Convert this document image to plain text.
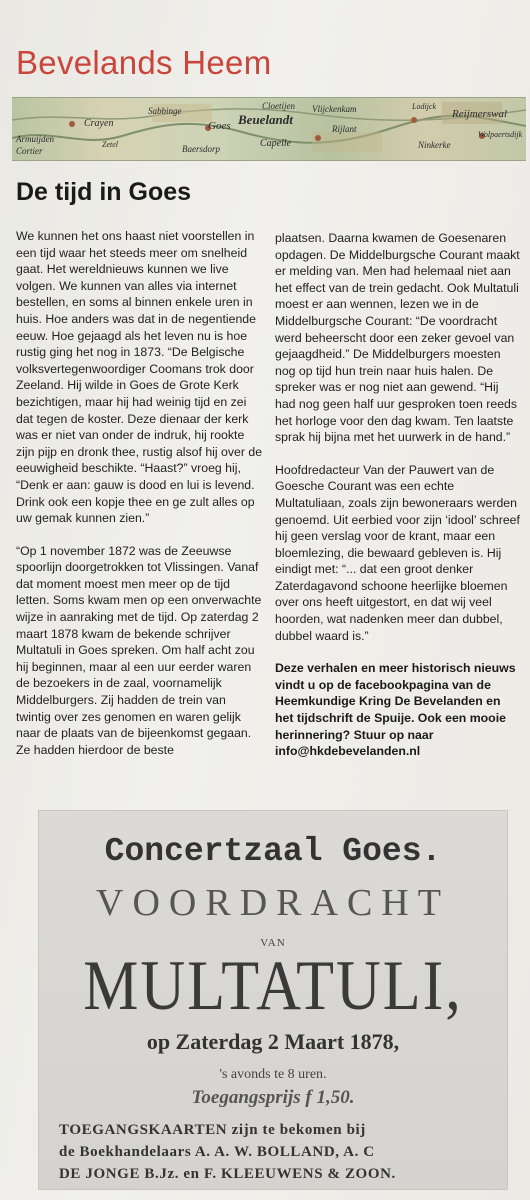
Bevelands Heem
Armuijden
Crayen
Sabbinge
Goes Beuelandt
Cloetijen Vlijckenkam
Rijlant
Reijmerswal
Lodijck
Zetel	Capelle
Cortier	Baersdorp	Ninkerke
Wolpaertsdijk
De tijd in Goes

We kunnen het ons haast niet voorstellen in een tijd waar het steeds meer om snelheid gaat. Het wereldnieuws kunnen we live volgen. We kunnen van alles via internet bestellen, en soms al binnen enkele uren in huis. Hoe anders was dat in de negentiende eeuw. Hoe gejaagd als het leven nu is hoe rustig ging het nog in 1873. “De Belgische volksvertegenwoordiger Coomans trok door Zeeland. Hij wilde in Goes de Grote Kerk bezichtigen, maar hij had weinig tijd en zei dat tegen de koster. Deze dienaar der kerk was er niet van onder de indruk, hij rookte zijn pijp en dronk thee, rustig alsof hij over de eeuwigheid beschikte. “Haast?” vroeg hij, “Denk er aan: gauw is dood en lui is levend. Drink ook een kopje thee en ge zult alles op uw gemak kunnen zien.”

“Op 1 november 1872 was de Zeeuwse spoorlijn doorgetrokken tot Vlissingen. Vanaf dat moment moest men meer op de tijd letten. Soms kwam men op een onverwachte wijze in aanraking met de tijd. Op zaterdag 2 maart 1878 kwam de bekende schrijver Multatuli in Goes spreken. Om half acht zou hij beginnen, maar al een uur eerder waren de bezoekers in de zaal, voornamelijk Middelburgers. Zij hadden de trein van twintig over zes genomen en waren gelijk naar de plaats van de bijeenkomst gegaan. Ze hadden hierdoor de beste

plaatsen. Daarna kwamen de Goesenaren opdagen. De Middelburgsche Courant maakt er melding van. Men had helemaal niet aan het effect van de trein gedacht. Ook Multatuli moest er aan wennen, lezen we in de Middelburgsche Courant: “De voordracht werd beheerscht door een zeker gevoel van gejaagdheid.” De Middelburgers moesten nog op tijd hun trein naar huis halen. De spreker was er nog niet aan gewend. “Hij had nog geen half uur gesproken toen reeds het horloge voor den dag kwam. Ten laatste sprak hij bijna met het uurwerk in de hand.”

Hoofdredacteur Van der Pauwert van de Goesche Courant was een echte Multatuliaan, zoals zijn bewoneraars werden genoemd. Uit eerbied voor zijn ‘idool’ schreef hij geen verslag voor de krant, maar een bloemlezing, die bewaard gebleven is. Hij eindigt met: “... dat een groot denker Zaterdagavond schoone heerlijke bloemen over ons heeft uitgestort, en dat wij veel hoorden, wat nadenken meer dan dubbel, dubbel waard is.”

Deze verhalen en meer historisch nieuws vindt u op de facebookpagina van de Heemkundige Kring De Bevelanden en het tijdschrift de Spuije. Ook een mooie herinnering? Stuur op naar info@hkdebevelanden.nl

Concertzaal Goes.
VOORDRACHT
VAN
MULTATULI,
op Zaterdag 2 Maart 1878,
's avonds te 8 uren.
Toegangsprijs f 1,50.
TOEGANGSKAARTEN zijn te bekomen bij
de Boekhandelaars A. A. W. BOLLAND, A. C
DE JONGE B.Jz. en F. KLEEUWENS & ZOON.
